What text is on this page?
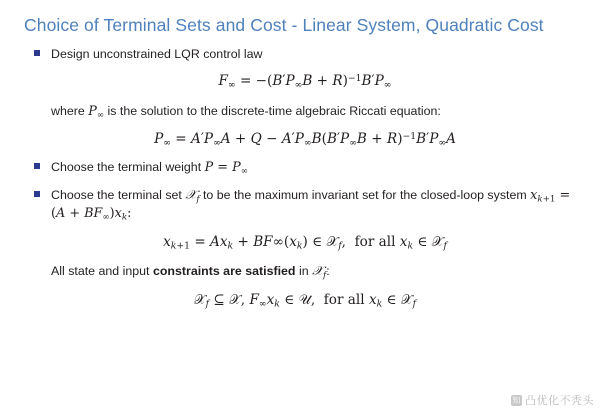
Choice of Terminal Sets and Cost - Linear System, Quadratic Cost
Design unconstrained LQR control law
$F_\infty = -(B'P_\infty B + R)^{-1}B'P_\infty$
where $P_\infty$ is the solution to the discrete-time algebraic Riccati equation:
$P_\infty = A'P_\infty A + Q - A'P_\infty B(B'P_\infty B + R)^{-1}B'P_\infty A$
Choose the terminal weight $P = P_\infty$
Choose the terminal set 𝒳$_f$ to be the maximum invariant set for the closed-loop system $x_{k+1} = (A + BF_\infty)x_k$:
$x_{k+1} = Ax_k + BF\infty(x_k)$ ∈ 𝒳$_f$,  for all $x_k$ ∈ 𝒳$_f$
All state and input constraints are satisfied in 𝒳$_f$:
𝒳$_f$ ⊆ 𝒳, $F_\infty x_k$ ∈ 𝒰,  for all $x_k$ ∈ 𝒳$_f$
知 凸优化不秃头
